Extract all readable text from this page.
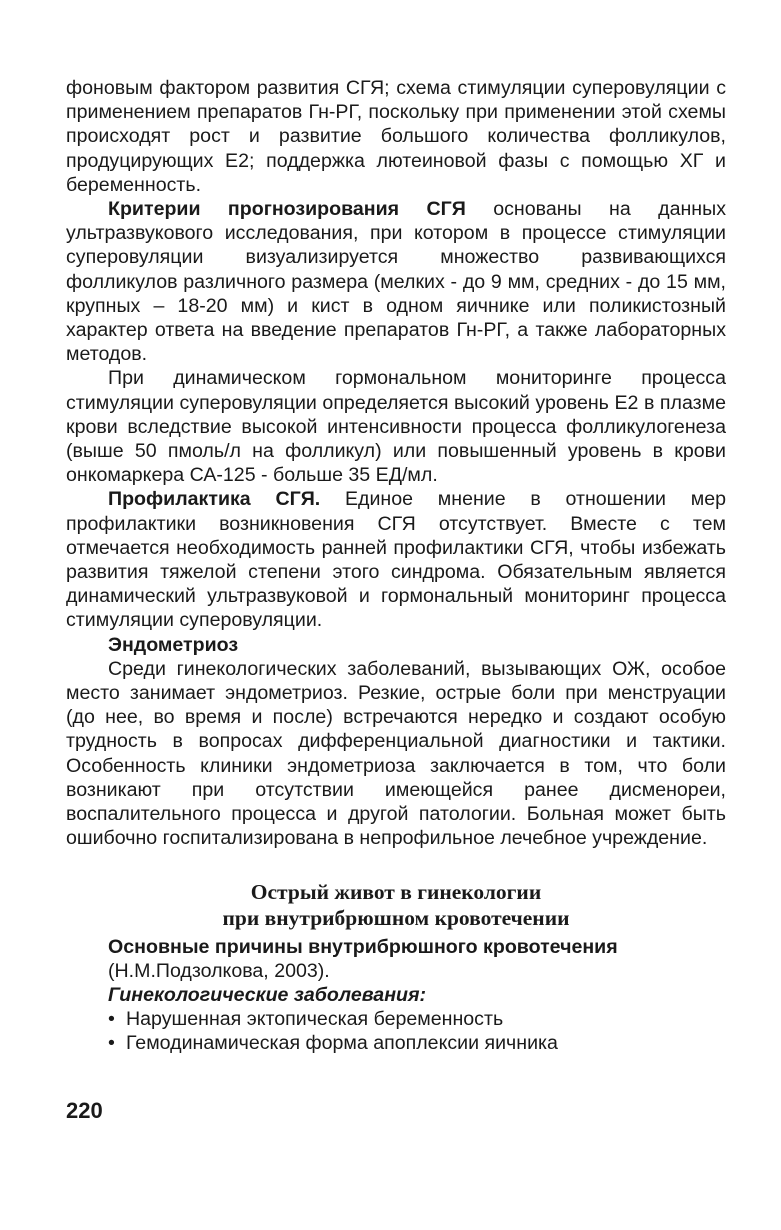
фоновым фактором развития СГЯ; схема стимуляции суперовуляции с применением препаратов Гн-РГ, поскольку при применении этой схемы происходят рост и развитие большого количества фолликулов, продуцирующих Е2; поддержка лютеиновой фазы с помощью ХГ и беременность.

Критерии прогнозирования СГЯ основаны на данных ультразвукового исследования, при котором в процессе стимуляции суперовуляции визуализируется множество развивающихся фолликулов различного размера (мелких - до 9 мм, средних - до 15 мм, крупных – 18-20 мм) и кист в одном яичнике или поликистозный характер ответа на введение препаратов Гн-РГ, а также лабораторных методов.

При динамическом гормональном мониторинге процесса стимуляции суперовуляции определяется высокий уровень Е2 в плазме крови вследствие высокой интенсивности процесса фолликулогенеза (выше 50 пмоль/л на фолликул) или повышенный уровень в крови онкомаркера СА-125 - больше 35 ЕД/мл.

Профилактика СГЯ. Единое мнение в отношении мер профилактики возникновения СГЯ отсутствует. Вместе с тем отмечается необходимость ранней профилактики СГЯ, чтобы избежать развития тяжелой степени этого синдрома. Обязательным является динамический ультразвуковой и гормональный мониторинг процесса стимуляции суперовуляции.

Эндометриоз

Среди гинекологических заболеваний, вызывающих ОЖ, особое место занимает эндометриоз. Резкие, острые боли при менструации (до нее, во время и после) встречаются нередко и создают особую трудность в вопросах дифференциальной диагностики и тактики. Особенность клиники эндометриоза заключается в том, что боли возникают при отсутствии имеющейся ранее дисменореи, воспалительного процесса и другой патологии. Больная может быть ошибочно госпитализирована в непрофильное лечебное учреждение.

Острый живот в гинекологии
при внутрибрюшном кровотечении

Основные причины внутрибрюшного кровотечения

(Н.М.Подзолкова, 2003).

Гинекологические заболевания:

• Нарушенная эктопическая беременность
• Гемодинамическая форма апоплексии яичника
220
